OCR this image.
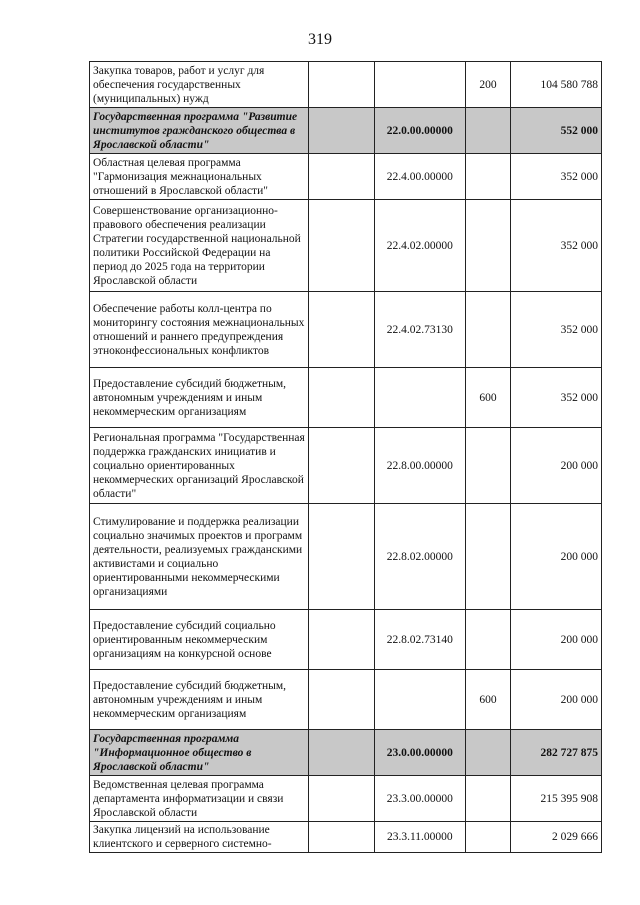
319
Закупка товаров, работ и услуг для обеспечения государственных (муниципальных) нужд			200	104 580 788
Государственная программа "Развитие институтов гражданского общества в Ярославской области"		22.0.00.00000		552 000
Областная целевая программа "Гармонизация межнациональных отношений в Ярославской области"		22.4.00.00000		352 000
Совершенствование организационно-правового обеспечения реализации Стратегии государственной национальной политики Российской Федерации на период до 2025 года на территории Ярославской области		22.4.02.00000		352 000
Обеспечение работы колл-центра по мониторингу состояния межнациональных отношений и раннего предупреждения этноконфессиональных конфликтов		22.4.02.73130		352 000
Предоставление субсидий бюджетным, автономным учреждениям и иным некоммерческим организациям			600	352 000
Региональная программа "Государственная поддержка гражданских инициатив и социально ориентированных некоммерческих организаций Ярославской области"		22.8.00.00000		200 000
Стимулирование и поддержка реализации социально значимых проектов и программ деятельности, реализуемых гражданскими активистами и социально ориентированными некоммерческими организациями		22.8.02.00000		200 000
Предоставление субсидий социально ориентированным некоммерческим организациям на конкурсной основе		22.8.02.73140		200 000
Предоставление субсидий бюджетным, автономным учреждениям и иным некоммерческим организациям			600	200 000
Государственная программа "Информационное общество в Ярославской области"		23.0.00.00000		282 727 875
Ведомственная целевая программа департамента информатизации и связи Ярославской области		23.3.00.00000		215 395 908
Закупка лицензий на использование клиентского и серверного системно-		23.3.11.00000		2 029 666
